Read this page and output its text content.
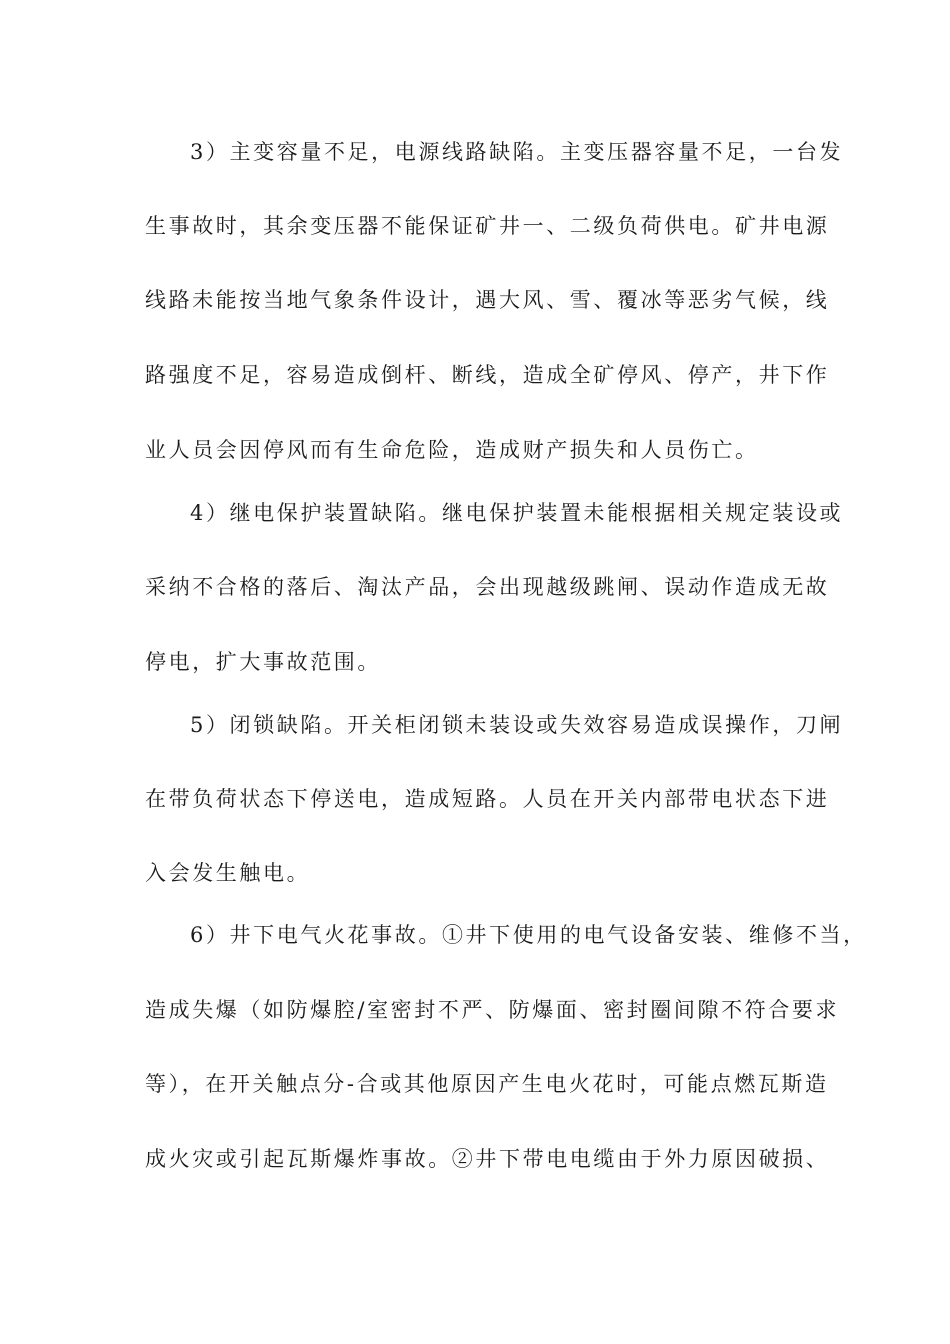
3）主变容量不足，电源线路缺陷。主变压器容量不足，一台发
生事故时，其余变压器不能保证矿井一、二级负荷供电。矿井电源
线路未能按当地气象条件设计，遇大风、雪、覆冰等恶劣气候，线
路强度不足，容易造成倒杆、断线，造成全矿停风、停产，井下作
业人员会因停风而有生命危险，造成财产损失和人员伤亡。
4）继电保护装置缺陷。继电保护装置未能根据相关规定装设或
采纳不合格的落后、淘汰产品，会出现越级跳闸、误动作造成无故
停电，扩大事故范围。
5）闭锁缺陷。开关柜闭锁未装设或失效容易造成误操作，刀闸
在带负荷状态下停送电，造成短路。人员在开关内部带电状态下进
入会发生触电。
6）井下电气火花事故。①井下使用的电气设备安装、维修不当，
造成失爆（如防爆腔/室密封不严、防爆面、密封圈间隙不符合要求
等），在开关触点分-合或其他原因产生电火花时，可能点燃瓦斯造
成火灾或引起瓦斯爆炸事故。②井下带电电缆由于外力原因破损、
